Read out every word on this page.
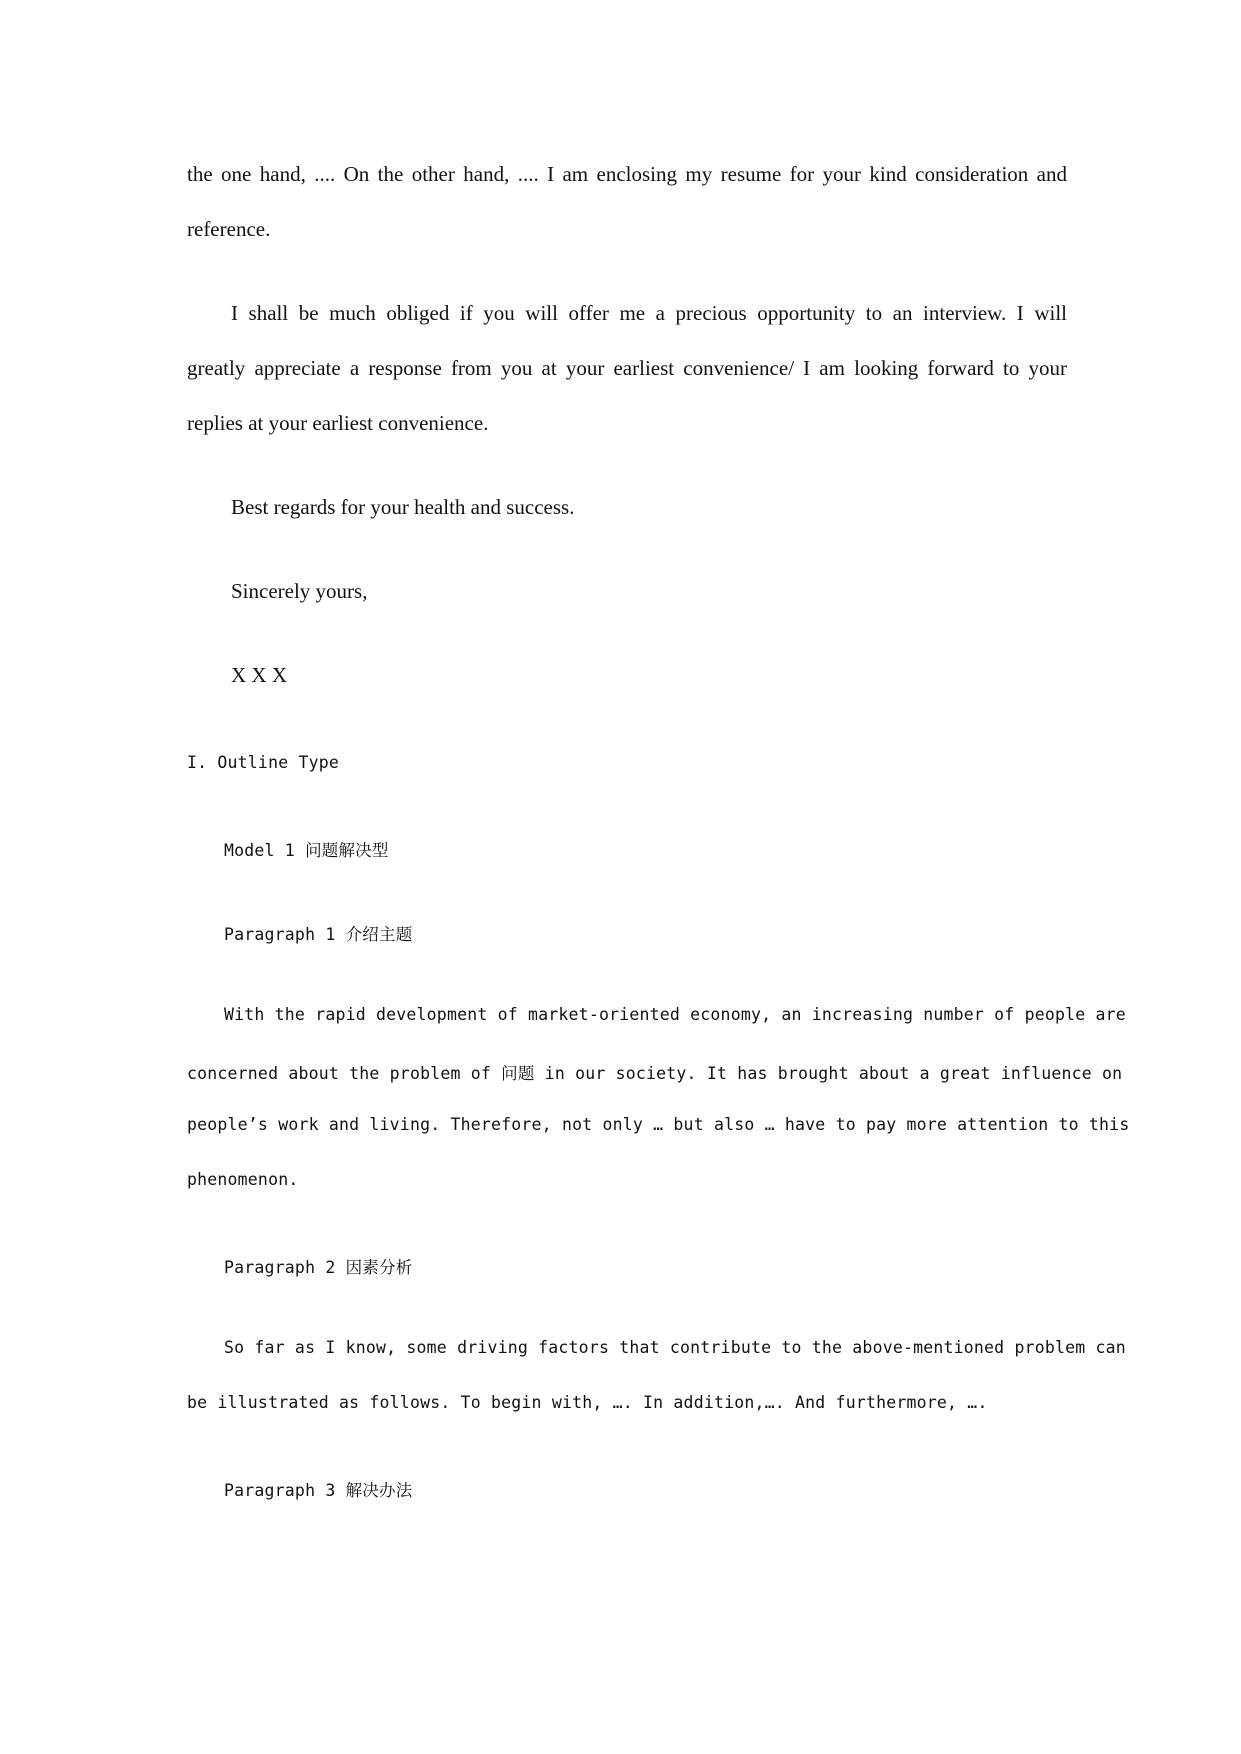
the one hand, .... On the other hand, .... I am enclosing my resume for your kind consideration and

reference.

I shall be much obliged if you will offer me a precious opportunity to an interview. I will

greatly appreciate a response from you at your earliest convenience/ I am looking forward to your

replies at your earliest convenience.

Best regards for your health and success.

Sincerely yours,

X X X

I. Outline Type

Model 1 问题解决型

Paragraph 1 介绍主题

With the rapid development of market-oriented economy, an increasing number of people are

concerned about the problem of 问题 in our society. It has brought about a great influence on

people’s work and living. Therefore, not only … but also … have to pay more attention to this

phenomenon.

Paragraph 2 因素分析

So far as I know, some driving factors that contribute to the above-mentioned problem can

be illustrated as follows. To begin with, …. In addition,…. And furthermore, ….

Paragraph 3 解决办法
